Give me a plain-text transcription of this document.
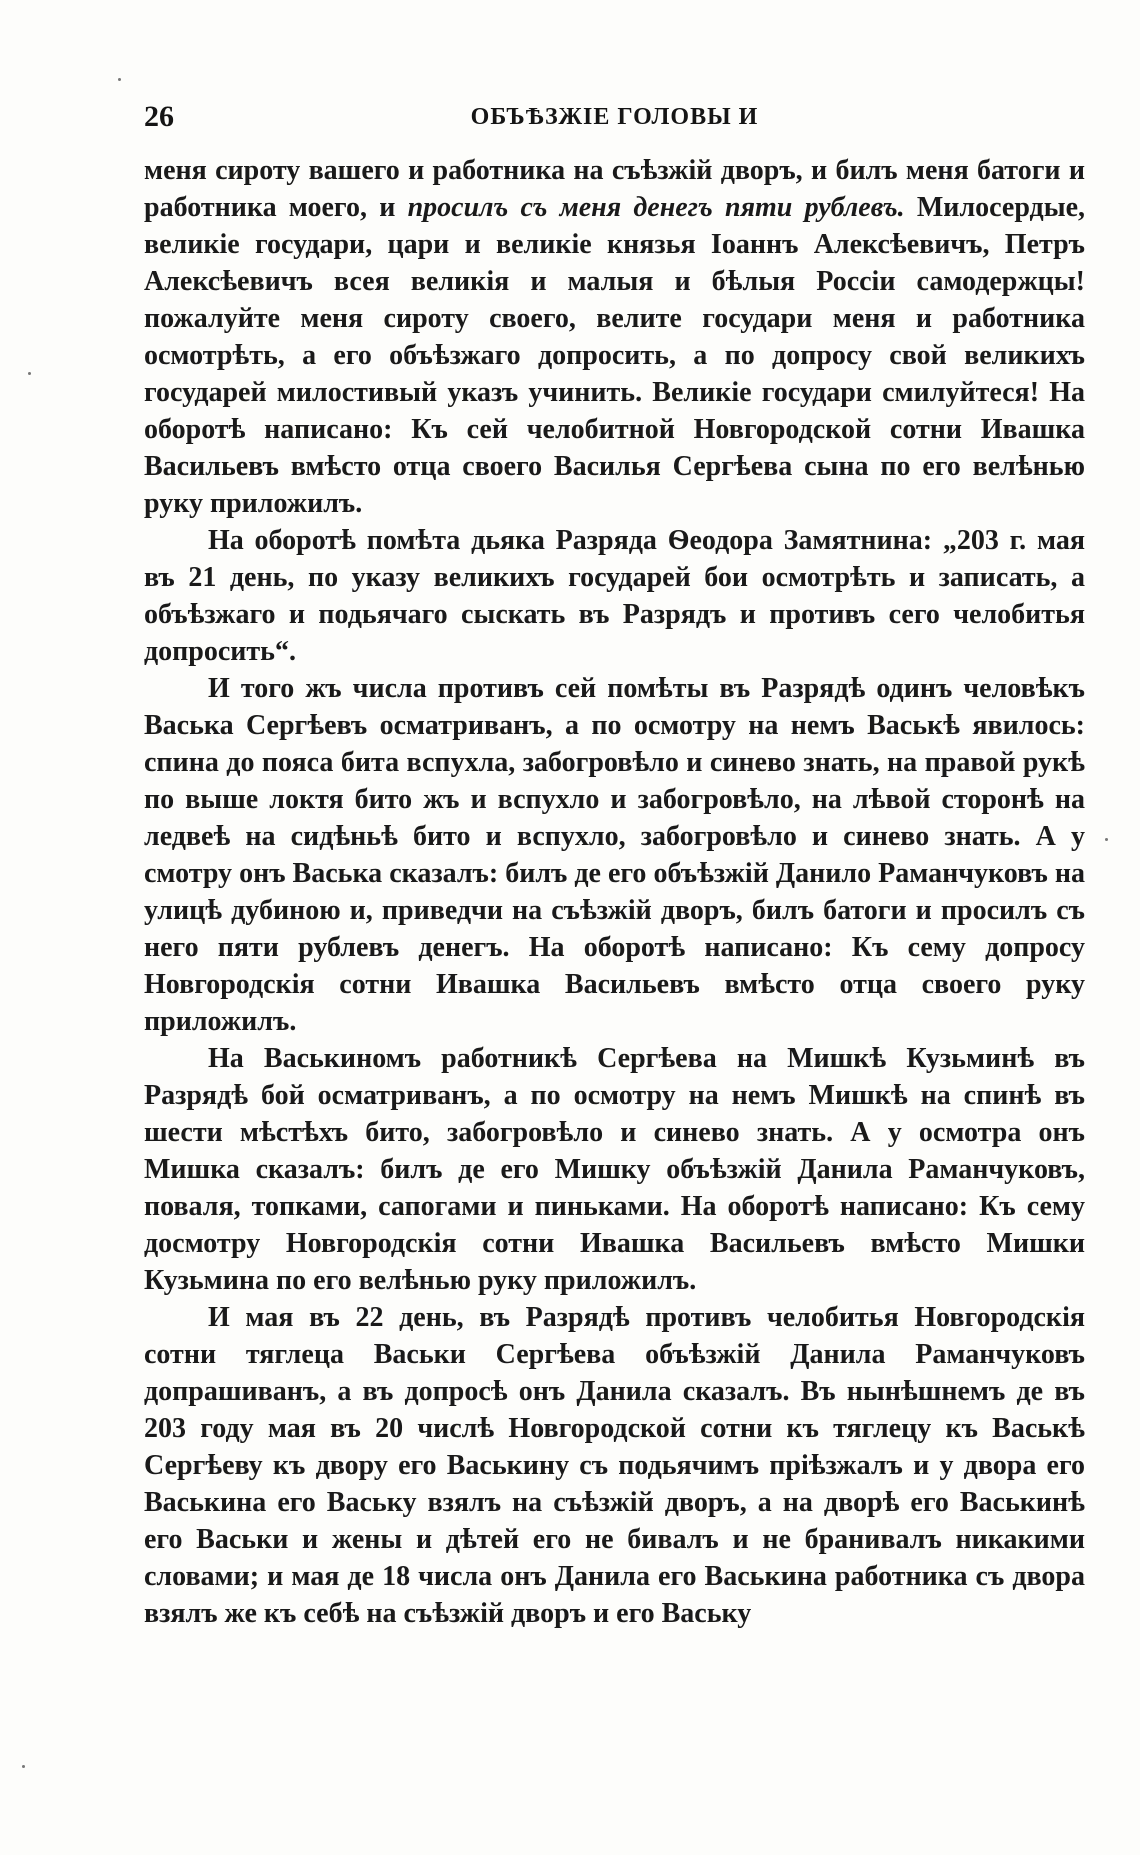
26	ОБЪѢЗЖІЕ ГОЛОВЫ И

меня сироту вашего и работника на съѣзжій дворъ, и билъ меня батоги и работника моего, и просилъ съ меня денегъ пяти рублевъ. Милосердые, великіе государи, цари и великіе князья Іоаннъ Алексѣевичъ, Петръ Алексѣевичъ всея великія и малыя и бѣлыя Россіи самодержцы! пожалуйте меня сироту своего, велите государи меня и работника осмотрѣть, а его объѣзжаго допросить, а по допросу свой великихъ государей милостивый указъ учинить. Великіе государи смилуйтеся! На оборотѣ написано: Къ сей челобитной Новгородской сотни Ивашка Васильевъ вмѣсто отца своего Василья Сергѣева сына по его велѣнью руку приложилъ.

На оборотѣ помѣта дьяка Разряда Ѳеодора Замятнина: „203 г. мая въ 21 день, по указу великихъ государей бои осмотрѣть и записать, а объѣзжаго и подьячаго сыскать въ Разрядъ и противъ сего челобитья допросить“.

И того жъ числа противъ сей помѣты въ Разрядѣ одинъ человѣкъ Васька Сергѣевъ осматриванъ, а по осмотру на немъ Васькѣ явилось: спина до пояса бита вспухла, забогровѣло и синево знать, на правой рукѣ по выше локтя бито жъ и вспухло и забогровѣло, на лѣвой сторонѣ на ледвеѣ на сидѣньѣ бито и вспухло, забогровѣло и синево знать. А у смотру онъ Васька сказалъ: билъ де его объѣзжій Данило Раманчуковъ на улицѣ дубиною и, приведчи на съѣзжій дворъ, билъ батоги и просилъ съ него пяти рублевъ денегъ. На оборотѣ написано: Къ сему допросу Новгородскія сотни Ивашка Васильевъ вмѣсто отца своего руку приложилъ.

На Васькиномъ работникѣ Сергѣева на Мишкѣ Кузьминѣ въ Разрядѣ бой осматриванъ, а по осмотру на немъ Мишкѣ на спинѣ въ шести мѣстѣхъ бито, забогровѣло и синево знать. А у осмотра онъ Мишка сказалъ: билъ де его Мишку объѣзжій Данила Раманчуковъ, поваля, топками, сапогами и пиньками. На оборотѣ написано: Къ сему досмотру Новгородскія сотни Ивашка Васильевъ вмѣсто Мишки Кузьмина по его велѣнью руку приложилъ.

И мая въ 22 день, въ Разрядѣ противъ челобитья Новгородскія сотни тяглеца Васьки Сергѣева объѣзжій Данила Раманчуковъ допрашиванъ, а въ допросѣ онъ Данила сказалъ. Въ нынѣшнемъ де въ 203 году мая въ 20 числѣ Новгородской сотни къ тяглецу къ Васькѣ Сергѣеву къ двору его Васькину съ подьячимъ пріѣзжалъ и у двора его Васькина его Ваську взялъ на съѣзжій дворъ, а на дворѣ его Васькинѣ его Васьки и жены и дѣтей его не бивалъ и не бранивалъ никакими словами; и мая де 18 числа онъ Данила его Васькина работника съ двора взялъ же къ себѣ на съѣзжій дворъ и его Ваську
